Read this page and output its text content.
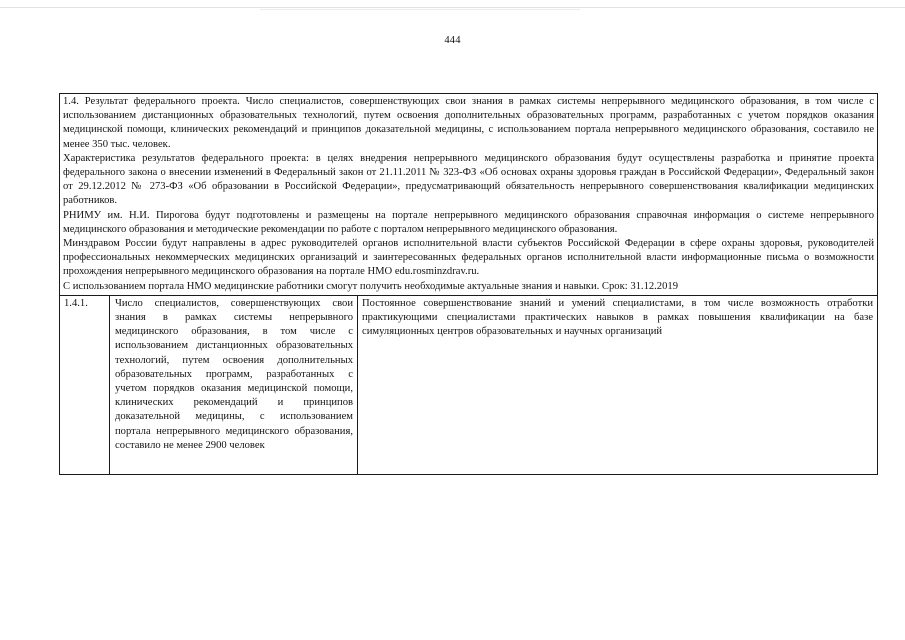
444

1.4. Результат федерального проекта. Число специалистов, совершенствующих свои знания в рамках системы непрерывного медицинского образования, в том числе с использованием дистанционных образовательных технологий, путем освоения дополнительных образовательных программ, разработанных с учетом порядков оказания медицинской помощи, клинических рекомендаций и принципов доказательной медицины, с использованием портала непрерывного медицинского образования, составило не менее 350 тыс. человек.

Характеристика результатов федерального проекта: в целях внедрения непрерывного медицинского образования будут осуществлены разработка и принятие проекта федерального закона о внесении изменений в Федеральный закон от 21.11.2011 № 323-ФЗ «Об основах охраны здоровья граждан в Российской Федерации», Федеральный закон от 29.12.2012 № 273-ФЗ «Об образовании в Российской Федерации», предусматривающий обязательность непрерывного совершенствования квалификации медицинских работников.

РНИМУ им. Н.И. Пирогова будут подготовлены и размещены на портале непрерывного медицинского образования справочная информация о системе непрерывного медицинского образования и методические рекомендации по работе с порталом непрерывного медицинского образования.

Минздравом России будут направлены в адрес руководителей органов исполнительной власти субъектов Российской Федерации в сфере охраны здоровья, руководителей профессиональных некоммерческих медицинских организаций и заинтересованных федеральных органов исполнительной власти информационные письма о возможности прохождения непрерывного медицинского образования на портале НМО edu.rosminzdrav.ru.

С использованием портала НМО медицинские работники смогут получить необходимые актуальные знания и навыки. Срок: 31.12.2019

1.4.1.	Число специалистов, совершенствующих свои знания в рамках системы непрерывного медицинского образования, в том числе с использованием дистанционных образовательных технологий, путем освоения дополнительных образовательных программ, разработанных с учетом порядков оказания медицинской помощи, клинических рекомендаций и принципов доказательной медицины, с использованием портала непрерывного медицинского образования, составило не менее 2900 человек	Постоянное совершенствование знаний и умений специалистами, в том числе возможность отработки практикующими специалистами практических навыков в рамках повышения квалификации на базе симуляционных центров образовательных и научных организаций
